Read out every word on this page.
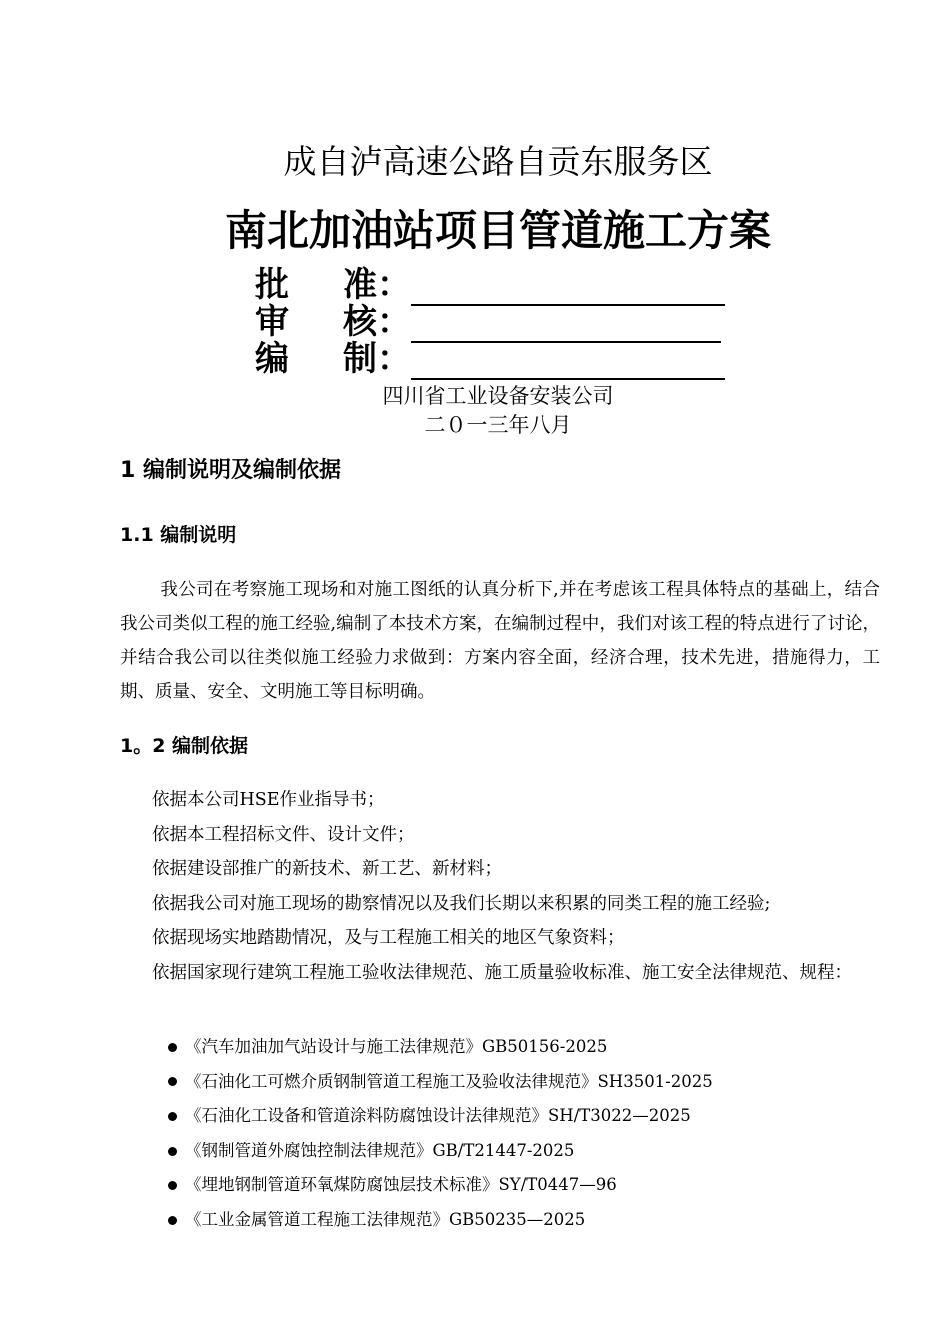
成自泸高速公路自贡东服务区
南北加油站项目管道施工方案
批	准：
审	核：
编	制：
四川省工业设备安装公司
二０一三年八月
1 编制说明及编制依据
1.1 编制说明
我公司在考察施工现场和对施工图纸的认真分析下,并在考虑该工程具体特点的基础上，结合我公司类似工程的施工经验,编制了本技术方案，在编制过程中，我们对该工程的特点进行了讨论，并结合我公司以往类似施工经验力求做到：方案内容全面，经济合理，技术先进，措施得力，工期、质量、安全、文明施工等目标明确。
1。2 编制依据
依据本公司HSE作业指导书；
依据本工程招标文件、设计文件；
依据建设部推广的新技术、新工艺、新材料；
依据我公司对施工现场的勘察情况以及我们长期以来积累的同类工程的施工经验;
依据现场实地踏勘情况，及与工程施工相关的地区气象资料；
依据国家现行建筑工程施工验收法律规范、施工质量验收标准、施工安全法律规范、规程：
《汽车加油加气站设计与施工法律规范》GB50156-2025
《石油化工可燃介质钢制管道工程施工及验收法律规范》SH3501-2025
《石油化工设备和管道涂料防腐蚀设计法律规范》SH/T3022—2025
《钢制管道外腐蚀控制法律规范》GB/T21447-2025
《埋地钢制管道环氧煤防腐蚀层技术标准》SY/T0447—96
《工业金属管道工程施工法律规范》GB50235—2025
